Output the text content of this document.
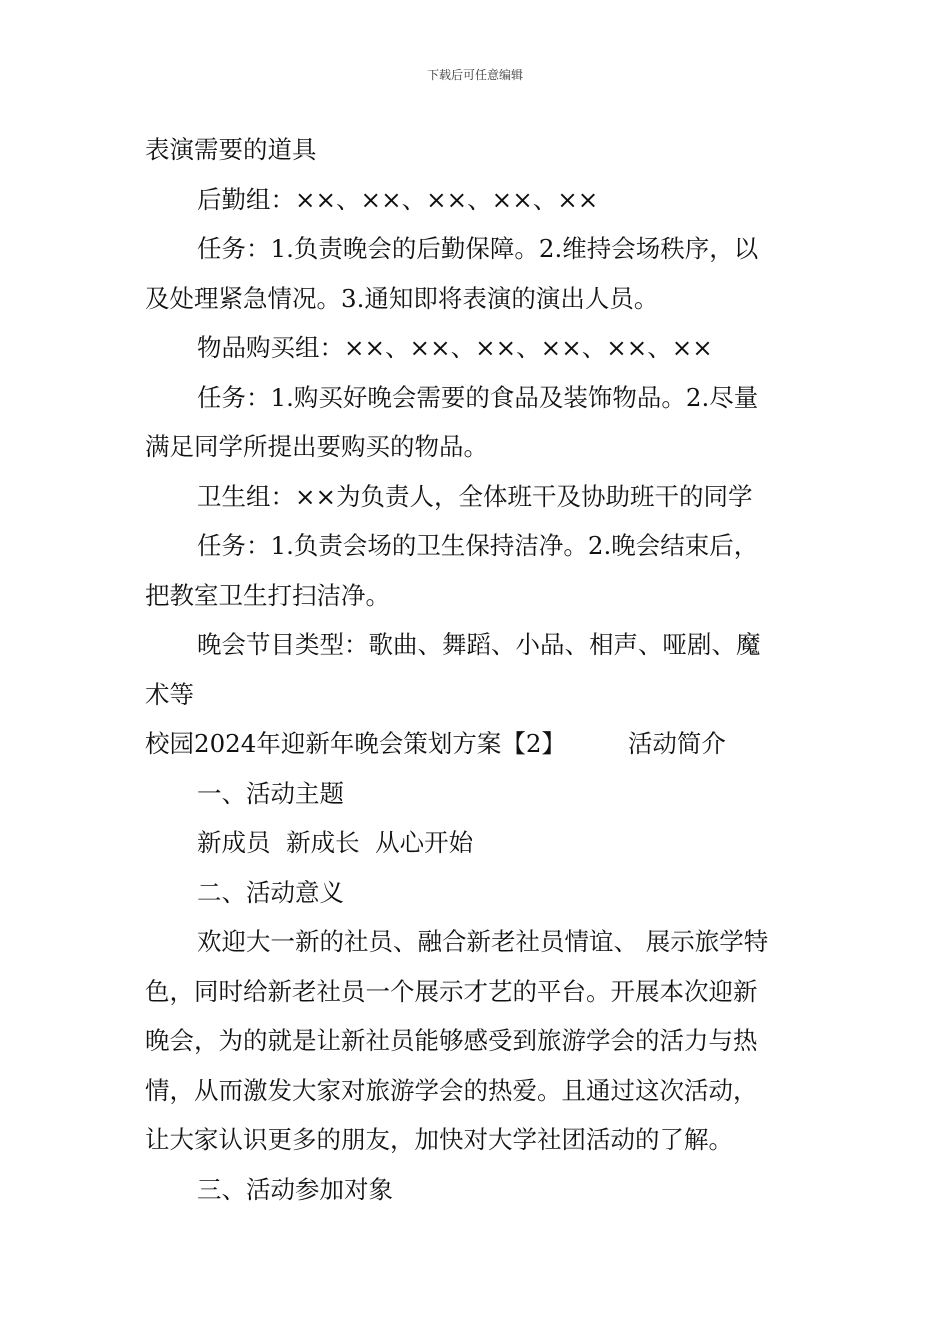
下载后可任意编辑
表演需要的道具
后勤组：××、××、××、××、××
任务：1.负责晚会的后勤保障。2.维持会场秩序，以
及处理紧急情况。3.通知即将表演的演出人员。
物品购买组：××、××、××、××、××、××
任务：1.购买好晚会需要的食品及装饰物品。2.尽量
满足同学所提出要购买的物品。
卫生组：××为负责人，全体班干及协助班干的同学
任务：1.负责会场的卫生保持洁净。2.晚会结束后，
把教室卫生打扫洁净。
晚会节目类型：歌曲、舞蹈、小品、相声、哑剧、魔
术等
校园2024年迎新年晚会策划方案【2】	活动简介
一、活动主题
新成员  新成长  从心开始
二、活动意义
欢迎大一新的社员、融合新老社员情谊、 展示旅学特
色，同时给新老社员一个展示才艺的平台。开展本次迎新
晚会，为的就是让新社员能够感受到旅游学会的活力与热
情，从而激发大家对旅游学会的热爱。且通过这次活动，
让大家认识更多的朋友，加快对大学社团活动的了解。
三、活动参加对象
